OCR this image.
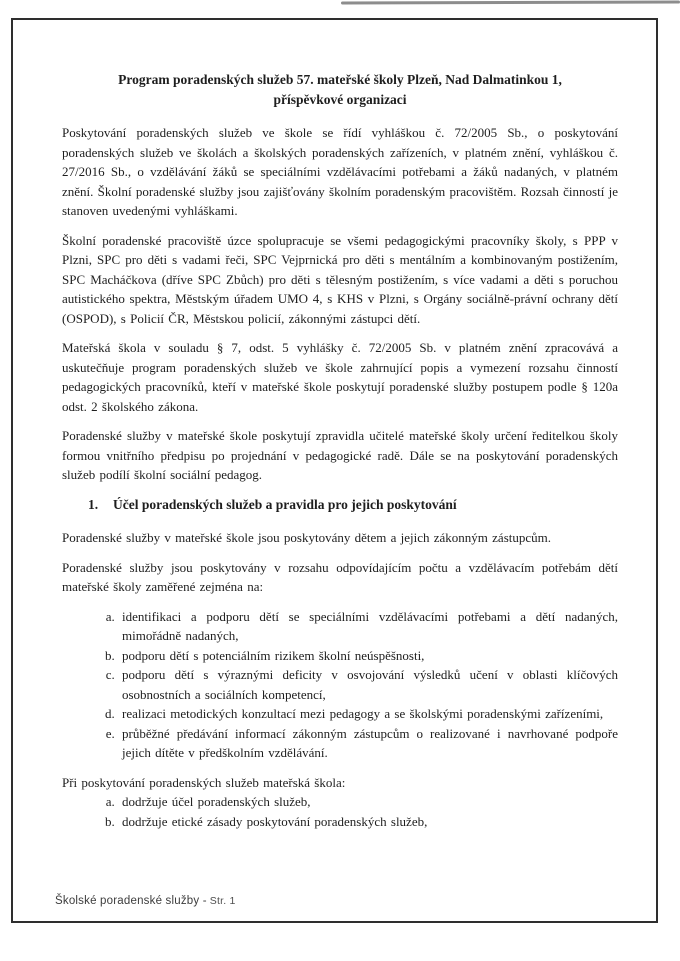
Program poradenských služeb 57. mateřské školy Plzeň, Nad Dalmatinkou 1,
příspěvkové organizaci

Poskytování poradenských služeb ve škole se řídí vyhláškou č. 72/2005 Sb., o poskytování poradenských služeb ve školách a školských poradenských zařízeních, v platném znění, vyhláškou č. 27/2016 Sb., o vzdělávání žáků se speciálními vzdělávacími potřebami a žáků nadaných, v platném znění. Školní poradenské služby jsou zajišťovány školním poradenským pracovištěm. Rozsah činností je stanoven uvedenými vyhláškami.

Školní poradenské pracoviště úzce spolupracuje se všemi pedagogickými pracovníky školy, s PPP v Plzni, SPC pro děti s vadami řeči, SPC Vejprnická pro děti s mentálním a kombinovaným postižením, SPC Macháčkova (dříve SPC Zbůch) pro děti s tělesným postižením, s více vadami a děti s poruchou autistického spektra, Městským úřadem UMO 4, s KHS v Plzni, s Orgány sociálně-právní ochrany dětí (OSPOD), s Policií ČR, Městskou policií, zákonnými zástupci dětí.

Mateřská škola v souladu § 7, odst. 5 vyhlášky č. 72/2005 Sb. v platném znění zpracovává a uskutečňuje program poradenských služeb ve škole zahrnující popis a vymezení rozsahu činností pedagogických pracovníků, kteří v mateřské škole poskytují poradenské služby postupem podle § 120a odst. 2 školského zákona.

Poradenské služby v mateřské škole poskytují zpravidla učitelé mateřské školy určení ředitelkou školy formou vnitřního předpisu po projednání v pedagogické radě. Dále se na poskytování poradenských služeb podílí školní sociální pedagog.

1. Účel poradenských služeb a pravidla pro jejich poskytování

Poradenské služby v mateřské škole jsou poskytovány dětem a jejich zákonným zástupcům.

Poradenské služby jsou poskytovány v rozsahu odpovídajícím počtu a vzdělávacím potřebám dětí mateřské školy zaměřené zejména na:

a. identifikaci a podporu dětí se speciálními vzdělávacími potřebami a dětí nadaných, mimořádně nadaných,
b. podporu dětí s potenciálním rizikem školní neúspěšnosti,
c. podporu dětí s výraznými deficity v osvojování výsledků učení v oblasti klíčových osobnostních a sociálních kompetencí,
d. realizaci metodických konzultací mezi pedagogy a se školskými poradenskými zařízeními,
e. průběžné předávání informací zákonným zástupcům o realizované i navrhované podpoře jejich dítěte v předškolním vzdělávání.

Při poskytování poradenských služeb mateřská škola:

a. dodržuje účel poradenských služeb,
b. dodržuje etické zásady poskytování poradenských služeb,
Školské poradenské služby - Str. 1
